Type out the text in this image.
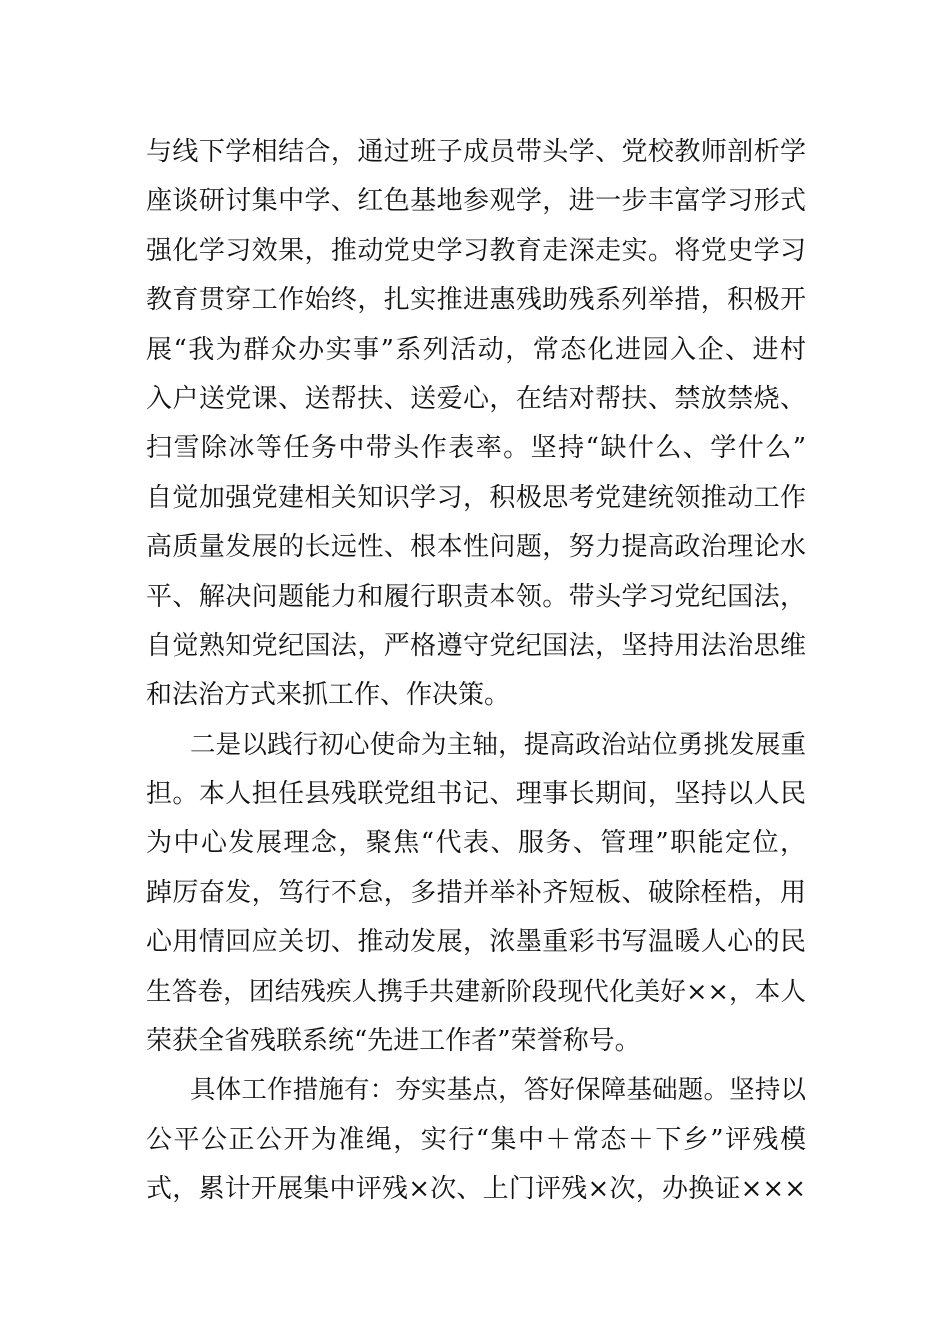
与线下学相结合，通过班子成员带头学、党校教师剖析学
座谈研讨集中学、红色基地参观学，进一步丰富学习形式
强化学习效果，推动党史学习教育走深走实。将党史学习
教育贯穿工作始终，扎实推进惠残助残系列举措，积极开
展“我为群众办实事”系列活动，常态化进园入企、进村
入户送党课、送帮扶、送爱心，在结对帮扶、禁放禁烧、
扫雪除冰等任务中带头作表率。坚持“缺什么、学什么”
自觉加强党建相关知识学习，积极思考党建统领推动工作
高质量发展的长远性、根本性问题，努力提高政治理论水
平、解决问题能力和履行职责本领。带头学习党纪国法，
自觉熟知党纪国法，严格遵守党纪国法，坚持用法治思维
和法治方式来抓工作、作决策。
二是以践行初心使命为主轴，提高政治站位勇挑发展重
担。本人担任县残联党组书记、理事长期间，坚持以人民
为中心发展理念，聚焦“代表、服务、管理”职能定位，
踔厉奋发，笃行不怠，多措并举补齐短板、破除桎梏，用
心用情回应关切、推动发展，浓墨重彩书写温暖人心的民
生答卷，团结残疾人携手共建新阶段现代化美好××，本人
荣获全省残联系统“先进工作者”荣誉称号。
具体工作措施有：夯实基点，答好保障基础题。坚持以
公平公正公开为准绳，实行“集中＋常态＋下乡”评残模
式，累计开展集中评残×次、上门评残×次，办换证×××
